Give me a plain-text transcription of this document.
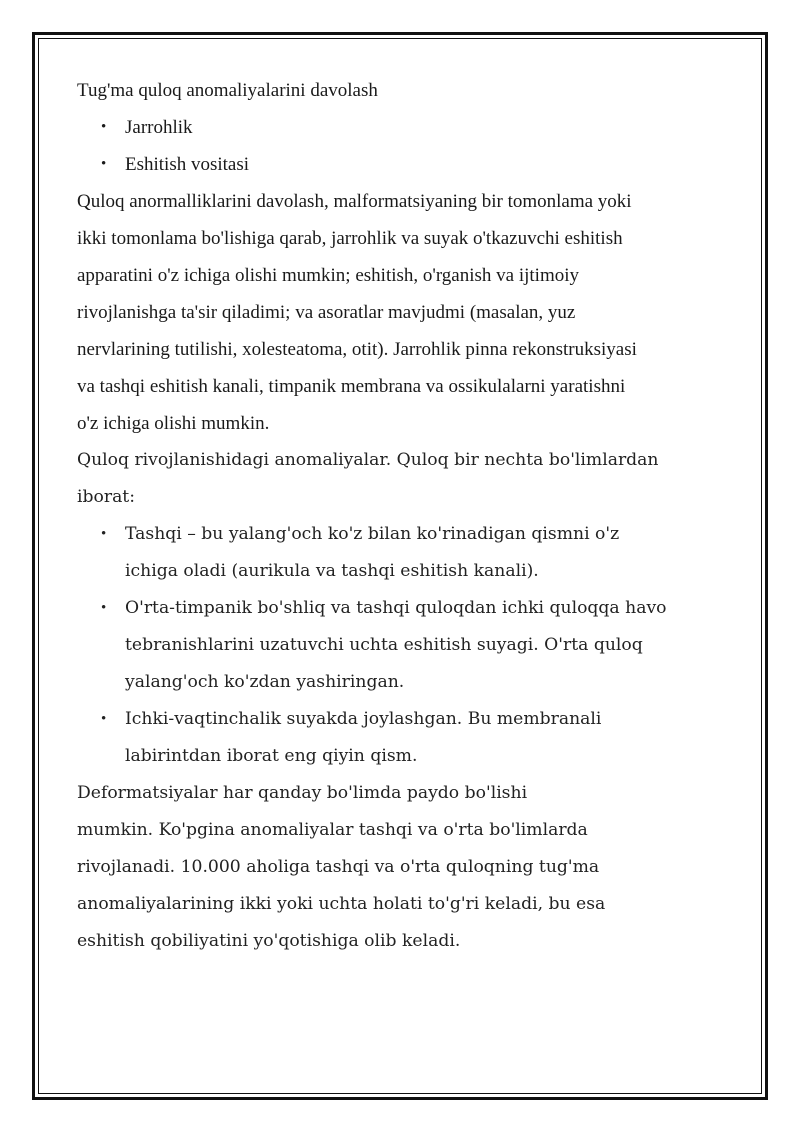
Tug'ma quloq anomaliyalarini davolash

• Jarrohlik
• Eshitish vositasi
Quloq anormalliklarini davolash, malformatsiyaning bir tomonlama yoki
ikki tomonlama bo'lishiga qarab, jarrohlik va suyak o'tkazuvchi eshitish
apparatini o'z ichiga olishi mumkin; eshitish, o'rganish va ijtimoiy
rivojlanishga ta'sir qiladimi; va asoratlar mavjudmi (masalan, yuz
nervlarining tutilishi, xolesteatoma, otit). Jarrohlik pinna rekonstruksiyasi
va tashqi eshitish kanali, timpanik membrana va ossikulalarni yaratishni
o'z ichiga olishi mumkin.
Quloq rivojlanishidagi anomaliyalar. Quloq bir nechta bo'limlardan
iborat:
• Tashqi – bu yalang'och ko'z bilan ko'rinadigan qismni o'z
ichiga oladi (aurikula va tashqi eshitish kanali).
• O'rta-timpanik bo'shliq va tashqi quloqdan ichki quloqqa havo
tebranishlarini uzatuvchi uchta eshitish suyagi. O'rta quloq
yalang'och ko'zdan yashiringan.
• Ichki-vaqtinchalik suyakda joylashgan. Bu membranali
labirintdan iborat eng qiyin qism.
Deformatsiyalar har qanday bo'limda paydo bo'lishi
mumkin. Ko'pgina anomaliyalar tashqi va o'rta bo'limlarda
rivojlanadi. 10.000 aholiga tashqi va o'rta quloqning tug'ma
anomaliyalarining ikki yoki uchta holati to'g'ri keladi, bu esa
eshitish qobiliyatini yo'qotishiga olib keladi.
